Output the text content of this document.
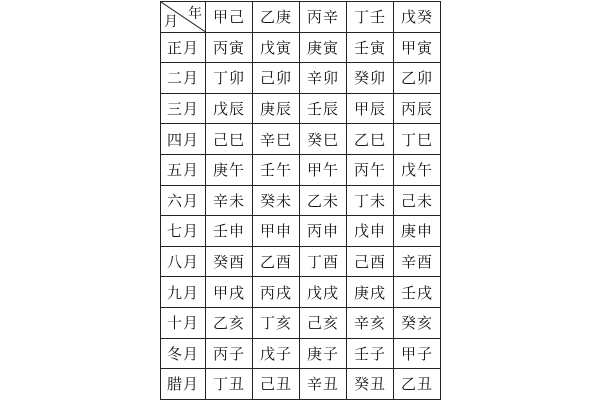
年
月	甲己	乙庚	丙辛	丁壬	戊癸
正月	丙寅	戊寅	庚寅	壬寅	甲寅
二月	丁卯	己卯	辛卯	癸卯	乙卯
三月	戊辰	庚辰	壬辰	甲辰	丙辰
四月	己巳	辛巳	癸巳	乙巳	丁巳
五月	庚午	壬午	甲午	丙午	戊午
六月	辛未	癸未	乙未	丁未	己未
七月	壬申	甲申	丙申	戊申	庚申
八月	癸酉	乙酉	丁酉	己酉	辛酉
九月	甲戌	丙戌	戊戌	庚戌	壬戌
十月	乙亥	丁亥	己亥	辛亥	癸亥
冬月	丙子	戊子	庚子	壬子	甲子
腊月	丁丑	己丑	辛丑	癸丑	乙丑
